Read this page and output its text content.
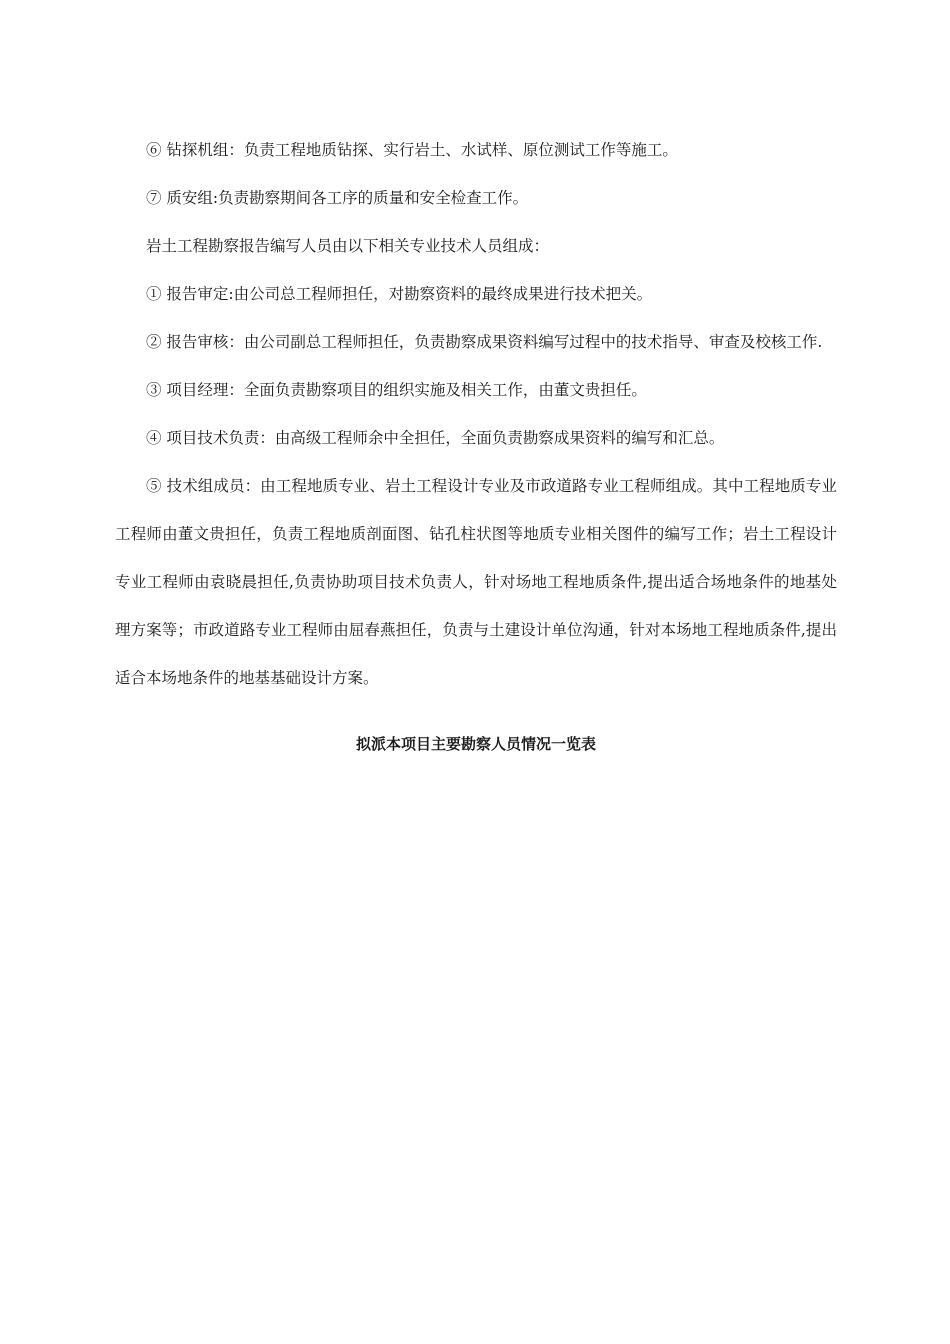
⑥ 钻探机组：负责工程地质钻探、实行岩土、水试样、原位测试工作等施工。

⑦ 质安组:负责勘察期间各工序的质量和安全检查工作。

岩土工程勘察报告编写人员由以下相关专业技术人员组成：

① 报告审定:由公司总工程师担任，对勘察资料的最终成果进行技术把关。

② 报告审核：由公司副总工程师担任，负责勘察成果资料编写过程中的技术指导、审查及校核工作.

③ 项目经理：全面负责勘察项目的组织实施及相关工作，由董文贵担任。

④ 项目技术负责：由高级工程师余中全担任，全面负责勘察成果资料的编写和汇总。

⑤ 技术组成员：由工程地质专业、岩土工程设计专业及市政道路专业工程师组成。其中工程地质专业工程师由董文贵担任，负责工程地质剖面图、钻孔柱状图等地质专业相关图件的编写工作；岩土工程设计专业工程师由袁晓晨担任,负责协助项目技术负责人，针对场地工程地质条件,提出适合场地条件的地基处理方案等；市政道路专业工程师由屈春燕担任，负责与土建设计单位沟通，针对本场地工程地质条件,提出适合本场地条件的地基基础设计方案。

拟派本项目主要勘察人员情况一览表
